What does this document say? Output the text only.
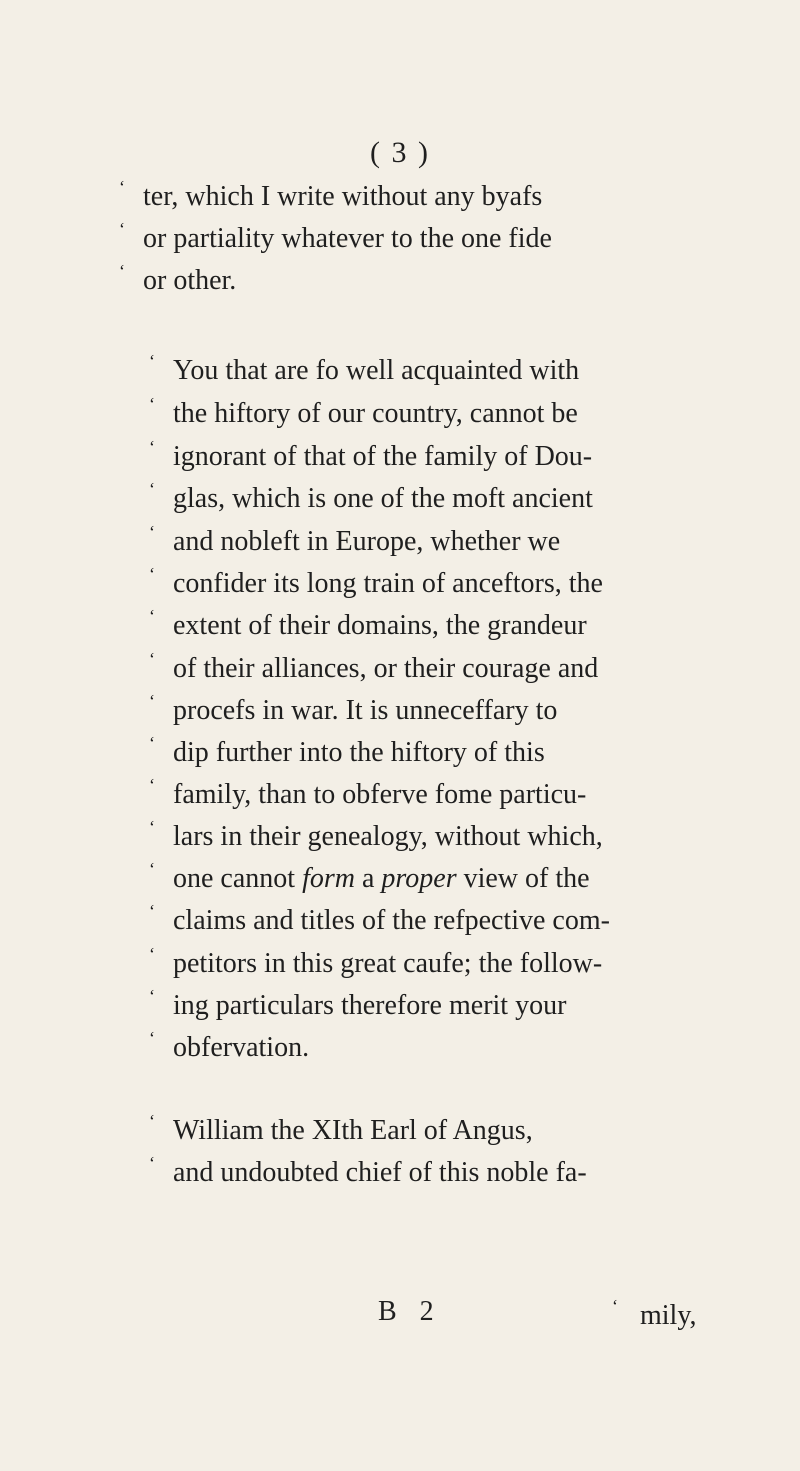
( 3 )
‘ ter, which I write without any byafs
‘ or partiality whatever to the one fide
‘ or other.
‘ You that are fo well acquainted with
‘ the hiftory of our country, cannot be
‘ ignorant of that of the family of Dou-
‘ glas, which is one of the moft ancient
‘ and nobleft in Europe, whether we
‘ confider its long train of anceftors, the
‘ extent of their domains, the grandeur
‘ of their alliances, or their courage and
‘ procefs in war. It is unneceffary to
‘ dip further into the hiftory of this
‘ family, than to obferve fome particu-
‘ lars in their genealogy, without which,
‘ one cannot form a proper view of the
‘ claims and titles of the refpective com-
‘ petitors in this great caufe; the follow-
‘ ing particulars therefore merit your
‘ obfervation.
‘ William the XIth Earl of Angus,
‘ and undoubted chief of this noble fa-
B 2	‘ mily,
